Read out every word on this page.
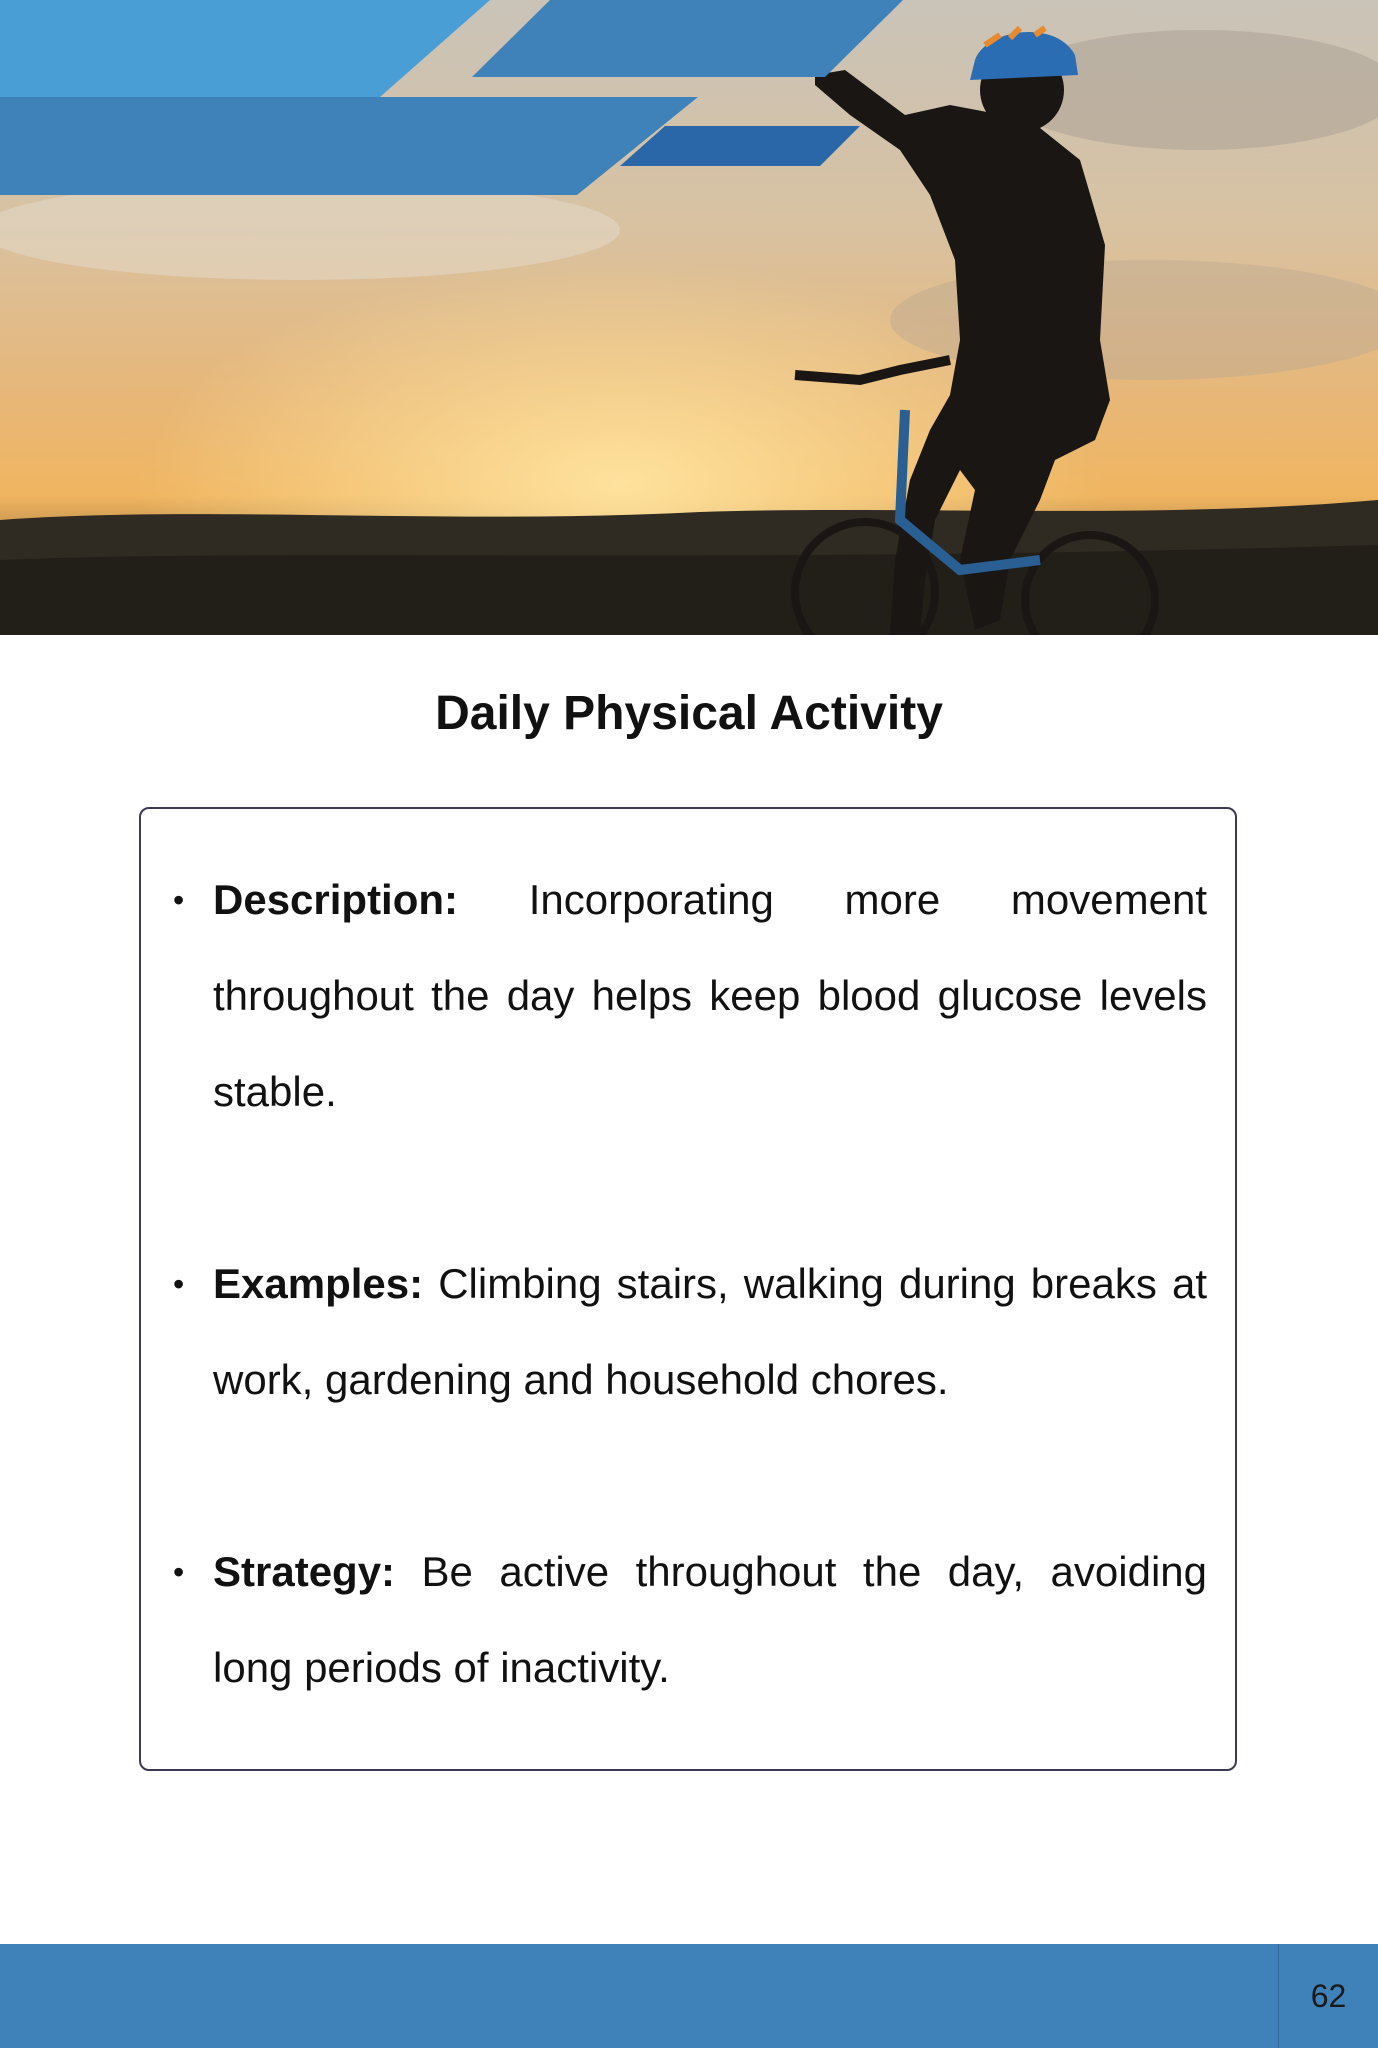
Daily Physical Activity
• Description: Incorporating more movement throughout the day helps keep blood glucose levels stable.

• Examples: Climbing stairs, walking during breaks at work, gardening and household chores.

• Strategy: Be active throughout the day, avoiding long periods of inactivity.

62
